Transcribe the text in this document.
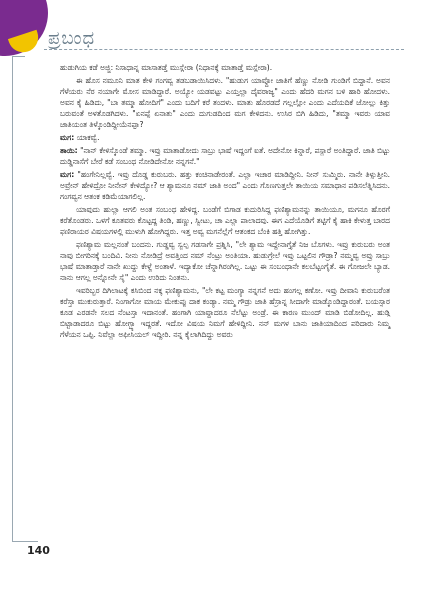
ಪ್ರಬಂಧ
140

ಹುಡುಗಿಯ ಕಡೆ ಅಜ್ಜಿ: ನಿಸಾಧಾನ್ನ ಮಾಸಾತಡ್ತೆ ಮುಸ್ಲೇರಾ (ನಿಧಾನಕ್ಕೆ ಮಾತಾಡ್ತೆ ಮಸ್ಲೇರಾ).

ಈ ಹೊಸ ನಮೂನಿ ಮಾತ ಕೇಳಿ ಗಂಗವ್ವ ತಡಬಡಾಯಿಸಿದಳು. "ಹುಡುಗ ಯಾವ್ದೋ ಜಾತಿಗೆ ಹೆಣ್ಣು ನೋಡಿ ಗುಂಡಿಗೆ ಬಿದ್ದಾನೆ. ಅವನ ಗೆಳೆಯರು ನೆರ ನಯಾಗೇ ಮೋಸ ಮಾಡಿದ್ದಾರೆ. ಅಯ್ಯೋ ಯಡವಟ್ಟು ಎಯ್ತಲ್ಲಾ ದೈವರಾಜ್ಯ" ಎಂದು ಹೆದರಿ ಮಗನ ಬಳಿ ಹಾರಿ ಹೋದಳು. ಅವನ ಕೈ ಹಿಡಿದು, "ಬಾ ತಮ್ಮಾ ಹೋದಿಗೆ" ಎಂದು ಬದಿಗೆ ಕರೆ ತಂದಳು. ಮಾತು ಹೊರಡದೆ ಗಲ್ಲಲ್ಲೋ ಎಂದು ಎದೆಯದಿಕೆ ಜೋಲ್ಲು ಕಿತ್ತು ಬರುವಂತೆ ಅಳತೊಡಗಿದಳು. "ಏನಪ್ಪೆ ಏನಾತು" ಎಂದು ದುಗುಡದಿಂದ ಮಗ ಕೇಳಿದನು. ಉಸಿರ ಬಿಗಿ ಹಿಡಿದು, "ತಮ್ಮಾ ಇವರು ಯಾವ ಜಾತಿಯಂತ ತಿಳ್ಕೊಂಡಿದ್ದೀಯೆನಪ್ಪಾ?

ಮಗ: ಯಾಕವ್ವೆ.

ತಾಯಿ: "ನಾನ್ ಕೇಳಿಸ್ಕೊಂಡೆ ತಮ್ಮಾ. ಇವ್ರು ಮಾತಾಡೋದು ಸಾಬ್ರು ಭಾಷೆ ಇದ್ದಂಗೆ ಐತೆ. ಅದೇನೋ ಕಿನ್ನಾರೆ, ಪಸ್ಲಾರೆ ಅಂತಿದ್ದಾರೆ. ಜಾತಿ ಬಿಟ್ಟು ದುಡ್ಡಿನಾಸೆಗೆ ಬೇರೆ ಕಡೆ ಸಂಬಂಧ ನೋಡಿದೇನೋ ನನ್ನಗನೆ."

ಮಗ: "ಹಂಗೇನಿಲ್ಲವ್ವೆ. ಇವ್ರು ದೊಡ್ಡ ಕುರುಬರು. ಹತ್ತು ಕಂಚಿನಾಡೇರಂತೆ. ಎಲ್ಲಾ ಇಚಾರ ಮಾಡಿದ್ದೀನಿ. ನೀನ್ ಸುಮ್ಮಿರು. ನಾನೇ ತಿಳ್ಸುತ್ತೀನಿ. ಅವ್ರೇನ್ ಹೇಳಿದ್ರೋ ನೀನೇನ್ ಕೇಳಿದ್ಯೋ? ಆ ಶ್ಯಾಮನೂ ನಮ್ ಜಾತಿ ಅಂದ" ಎಂದು ಗೊಣಗುತ್ತಲೇ ತಾಯಿಯ ಸಮಾಧಾನ ಪಡಿಸಲೆತ್ನಿಸಿದನು. ಗಂಗವ್ವನ ಆತಂಕ ಕಡಿಮೆಯಾಗಲಿಲ್ಲ.

ಯಾವುದು ಹುಲ್ಲಾ ಆಗಲಿ ಅಂತ ಸಂಬಂಧ ಹೇಳಿದ್ದ. ಬಂಡೆಗೆ ಬಿಗಾಡ ಕುದುರಿಸಿದ್ದ ಫಣಿಶ್ಯಾಮನನ್ನು ತಾಯಿಯೂ, ಮಗನೂ ಹೊರಗೆ ಕರೆತೊಂಡರು. ಒಳಗೆ ಕೂತವರು ಕೊಟ್ಟದ್ದ ತಿಂಡಿ, ಹಣ್ಣು, ಸ್ವೀಟು, ಚಾ ಎಲ್ಲಾ ಪಾಲಾದವು. ಈಗ ಎದೆಯೊಡಿಗೆ ತಟ್ಟಿಗೆ ಕೈ ಹಾಕಿ ಕೇಳುತ್ತ ಬಾರದ ಫಣಿರಾಯರ ವಿಷಯಗಳಲ್ಲಿ ಮುಳುಗಿ ಹೋಗಿದ್ದರು. ಇತ್ತ ಅವ್ವ ಮಗನೆಲ್ಲೆಗೆ ಆತಂಕದ ಬೆಂಕಿ ಹತ್ತಿ ಹೋಗಿತ್ತು.

ಫಣಿಶ್ಯಾಮ ಮಲ್ಲನಂತೆ ಬಂದನು. ಗುಡ್ಡವ್ವ ಸ್ವಲ್ಪ ಗಡಸಾಗೇ ಪ್ರಶ್ನಿಸಿ, "ಲೇ ಶ್ಯಾಮ ಇದ್ದೇನಾಗ್ತೈತೆ ನಿಜ ಬೊಗಳು. ಇವ್ರು ಕುರುಬರು ಅಂತ ನಾವು ಬೀಗರಿನಕ್ಕೆ ಬಂದಿವಿ. ನೀನು ನೋಡಿದ್ರೆ ಅವತ್ತಿಂದ ನಮ್ ನೆಂಟ್ರು ಅಂತಿಯಾ. ಹುಡುಗ್ರೇಲೆ ಇವ್ರು ಒಟ್ಟಲಿನ ಗೌಡ್ರಾ? ನಮ್ಮವ್ವ ಅವ್ರು ಸಾಬ್ರು ಭಾಷೆ ಮಾತಾಡ್ತಾರೆ ನಾನೇ ಖುದ್ದು ಕೇಳ್ದೆ ಅಂತಾಳೆ. ಇದ್ಯಾಕೋ ಚೆನ್ನಾಗಿರಂಗಿಲ್ಲ. ಒಟ್ಟು ಈ ಸಂಬಂಧಾನೇ ಕಲಬೆಟ್ಟಂಗೈತೆ. ಈ ಗೋಜಲೇ ಬ್ಯಾಡ. ನಾನು ಆಗಲ್ಲ ಅನ್ನೋನೇ ಸೈ" ಎಂದು ಉರಿದು ನಿಂತನು.

ಇವರಿಬ್ಬರ ದಿಗಿಲಾಟಕ್ಕೆ ಕಸಿಬಿಂದ ನಕ್ಕ ಫಣಿಶ್ಯಾಮನು, "ಲೇ ಕಟ್ಟ ಮಂಗ್ಯಾ ನನ್ನಗನೆ ಅದು ಹಂಗಲ್ಲ ಕಣೋ. ಇವ್ರು ದೀವಾನಿ ಕುರುಬರೆಂತ ಕರೆಸ್ತಾ ಮುಕುರುತ್ತಾರೆ. ನಿಂಗಾಗೋ ಮಾಯ ಮೇಕುಪ್ಪು ದಾಕ ಕಂಡ್ಯಾ. ನಮ್ಮ ಗೌಡ್ರು ಜಾತಿ ಹೆಸ್ರಾನ್ನ ಸೀದಾಗೇ ಮಾಡ್ಕೊಂಡಿದ್ದಾರಂತೆ. ಬಯಸ್ಸಾರ ಕೂಡ ಎರಡನೇ ಸಲದ ನೆಂಟಸ್ತಾ ಇದಾನಂತೆ. ಹಂಗಾಗಿ ಯಾವ್ದಾದರೂ ನೆಲೆಟ್ಟು ಅಂಡ್ರೆ. ಈ ಕಾರಣ ಮುಂದ್ ಮಾಡಿ ಬಿಡೋದಿಲ್ಲ. ಹುಡ್ಗಿ ಬಿಟ್ಟಾಡಾದರೂ ಬಿಟ್ಟು ಹೋಗ್ಬ್ಯಾ ಇದ್ದರತೆ. ಇದೋ ವಿಷಯ ನಿಮಗೆ ಹೇಳಿದ್ದೀನಿ. ನನ್ ಮಗಳ ಬಾನು ಜಾತಿಯಾದಿಂದ ಪರಿದಾರು ನಿಮ್ಮ ಗೆಳೆಯನ ಒಪ್ಪಿ. ನಿವೆಲ್ಲಾ ಅಫೀಸಿಯಲ್ ಇದ್ದೀರಿ. ನನ್ನ ಕೈಲಾಗಿದಿದ್ದು ಅವರು
